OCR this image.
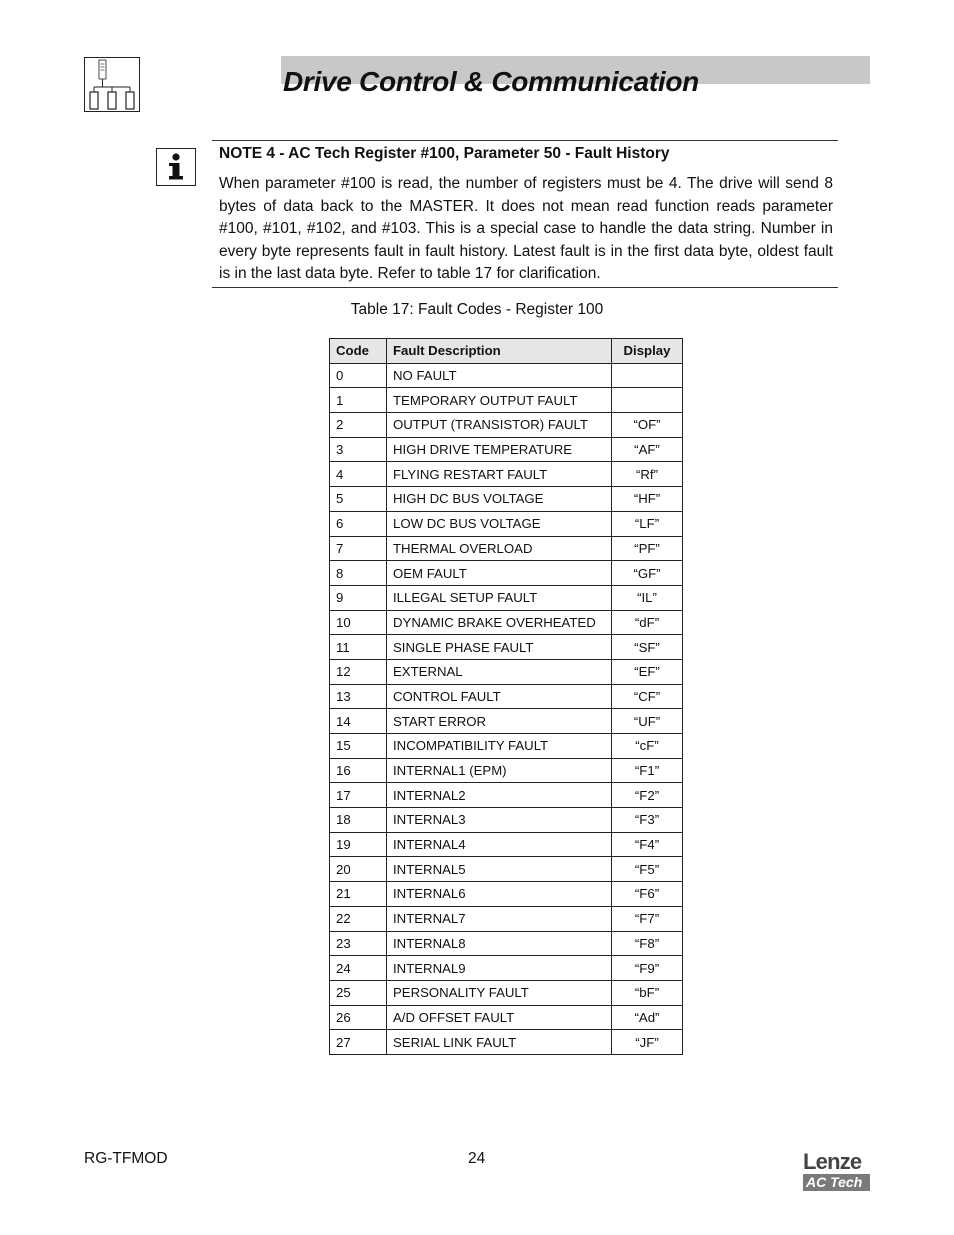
Drive Control & Communication
NOTE 4 - AC Tech Register #100, Parameter 50 - Fault History
When parameter #100 is read, the number of registers must be 4. The drive will send 8 bytes of data back to the MASTER. It does not mean read function reads parameter #100, #101, #102, and #103. This is a special case to handle the data string. Number in every byte represents fault in fault history. Latest fault is in the first data byte, oldest fault is in the last data byte. Refer to table 17 for clarification.
Table 17: Fault Codes - Register 100
Code	Fault Description	Display
0	NO FAULT	
1	TEMPORARY OUTPUT FAULT	
2	OUTPUT (TRANSISTOR) FAULT	“OF”
3	HIGH DRIVE TEMPERATURE	“AF”
4	FLYING RESTART FAULT	“Rf”
5	HIGH DC BUS VOLTAGE	“HF”
6	LOW DC BUS VOLTAGE	“LF”
7	THERMAL OVERLOAD	“PF”
8	OEM FAULT	“GF”
9	ILLEGAL SETUP FAULT	“IL”
10	DYNAMIC BRAKE OVERHEATED	“dF”
11	SINGLE PHASE FAULT	“SF”
12	EXTERNAL	“EF”
13	CONTROL FAULT	“CF”
14	START ERROR	“UF”
15	INCOMPATIBILITY FAULT	“cF”
16	INTERNAL1 (EPM)	“F1”
17	INTERNAL2	“F2”
18	INTERNAL3	“F3”
19	INTERNAL4	“F4”
20	INTERNAL5	“F5”
21	INTERNAL6	“F6”
22	INTERNAL7	“F7”
23	INTERNAL8	“F8”
24	INTERNAL9	“F9”
25	PERSONALITY FAULT	“bF”
26	A/D OFFSET FAULT	“Ad”
27	SERIAL LINK FAULT	“JF”
RG-TFMOD	24	Lenze
AC Tech
